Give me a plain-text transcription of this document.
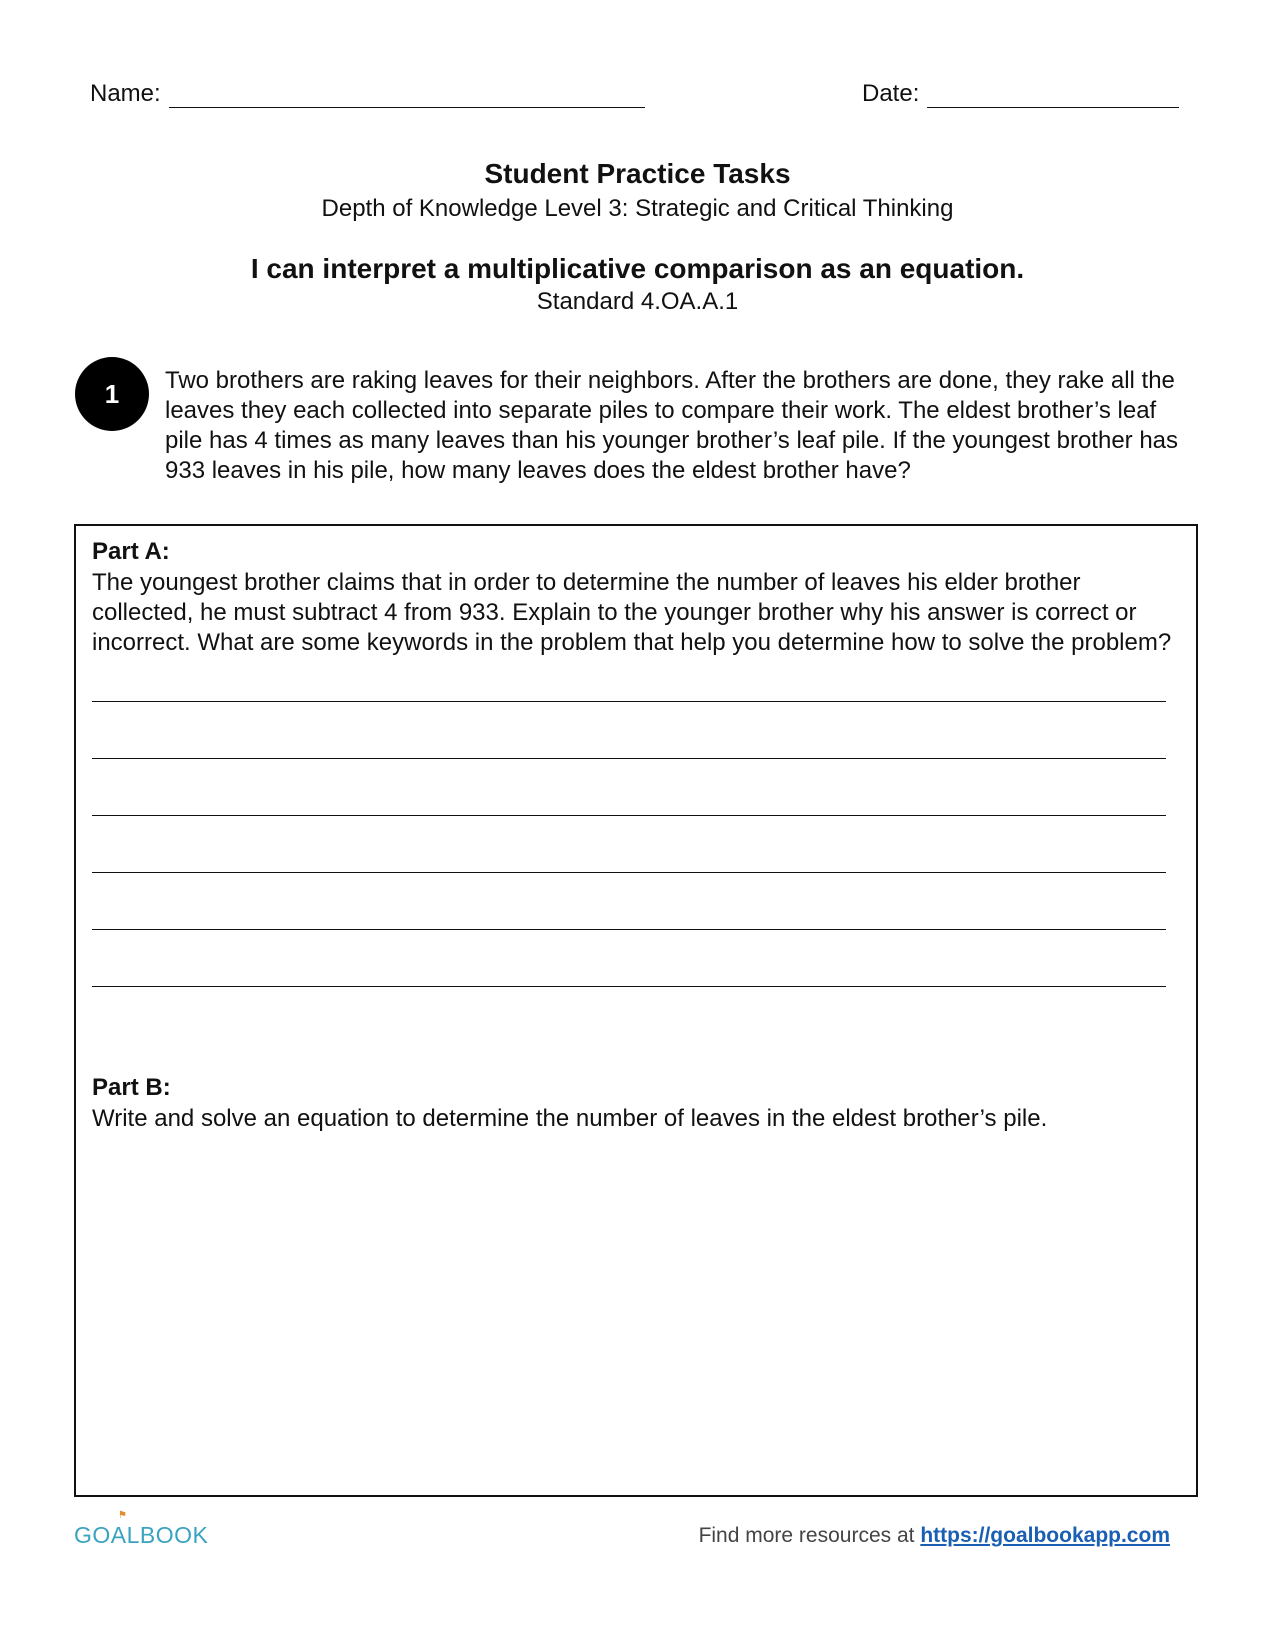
Name:	Date:
Student Practice Tasks
Depth of Knowledge Level 3: Strategic and Critical Thinking
I can interpret a multiplicative comparison as an equation.
Standard 4.OA.A.1
1	Two brothers are raking leaves for their neighbors. After the brothers are done, they rake all the leaves they each collected into separate piles to compare their work. The eldest brother’s leaf pile has 4 times as many leaves than his younger brother’s leaf pile. If the youngest brother has 933 leaves in his pile, how many leaves does the eldest brother have?
Part A:
The youngest brother claims that in order to determine the number of leaves his elder brother collected, he must subtract 4 from 933. Explain to the younger brother why his answer is correct or incorrect. What are some keywords in the problem that help you determine how to solve the problem?
Part B:
Write and solve an equation to determine the number of leaves in the eldest brother’s pile.
⚑
GOALBOOK	Find more resources at https://goalbookapp.com
